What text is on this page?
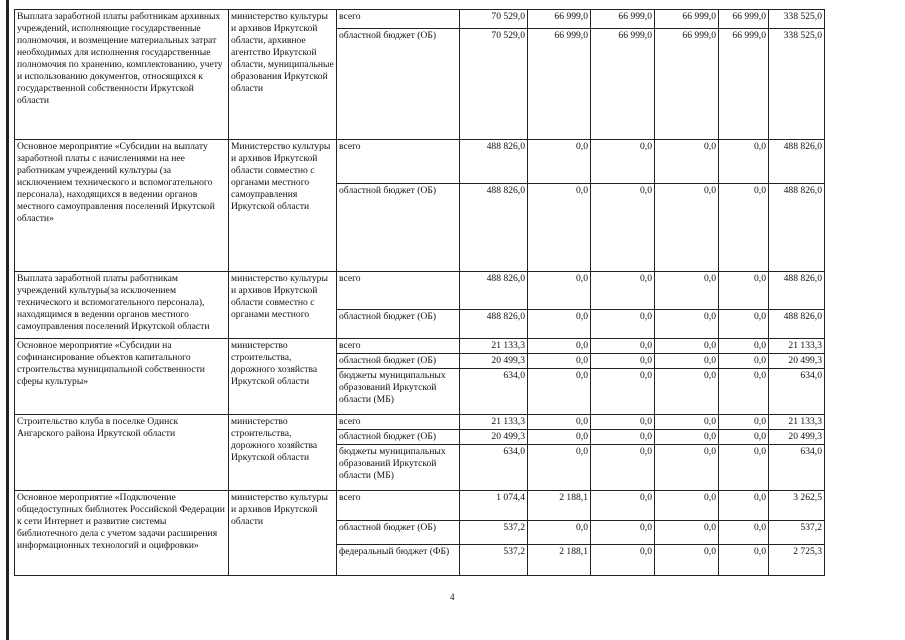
Выплата заработной платы работникам архивных учреждений, исполняющие государственные полномочия, и возмещение материальных затрат необходимых для исполнения государственные полномочия по хранению, комплектованию, учету и использованию документов, относящихся к государственной собственности Иркутской области	министерство культуры и архивов Иркутской области, архивное агентство Иркутской области, муниципальные образования Иркутской области	всего	70 529,0	66 999,0	66 999,0	66 999,0	66 999,0	338 525,0
		областной бюджет (ОБ)	70 529,0	66 999,0	66 999,0	66 999,0	66 999,0	338 525,0
Основное мероприятие «Субсидии на выплату заработной платы с начислениями на нее работникам учреждений культуры (за исключением технического и вспомогательного персонала), находящихся в ведении органов местного самоуправления поселений Иркутской области»	Министерство культуры и архивов Иркутской области совместно с органами местного самоуправления Иркутской области	всего	488 826,0	0,0	0,0	0,0	0,0	488 826,0
		областной бюджет (ОБ)	488 826,0	0,0	0,0	0,0	0,0	488 826,0
Выплата заработной платы работникам учреждений культуры(за исключением технического и вспомогательного персонала), находящимся в ведении органов местного самоуправления поселений Иркутской области	министерство культуры и архивов Иркутской области совместно с органами местного	всего	488 826,0	0,0	0,0	0,0	0,0	488 826,0
		областной бюджет (ОБ)	488 826,0	0,0	0,0	0,0	0,0	488 826,0
Основное мероприятие «Субсидии на софинансирование объектов капитального строительства муниципальной собственности сферы культуры»	министерство строительства, дорожного хозяйства Иркутской области	всего	21 133,3	0,0	0,0	0,0	0,0	21 133,3
		областной бюджет (ОБ)	20 499,3	0,0	0,0	0,0	0,0	20 499,3
		бюджеты муниципальных образований Иркутской области (МБ)	634,0	0,0	0,0	0,0	0,0	634,0
Строительство клуба в поселке Одинск Ангарского района Иркутской области	министерство строительства, дорожного хозяйства Иркутской области	всего	21 133,3	0,0	0,0	0,0	0,0	21 133,3
		областной бюджет (ОБ)	20 499,3	0,0	0,0	0,0	0,0	20 499,3
		бюджеты муниципальных образований Иркутской области (МБ)	634,0	0,0	0,0	0,0	0,0	634,0
Основное мероприятие «Подключение общедоступных библиотек Российской Федерации к сети Интернет и развитие системы библиотечного дела с учетом задачи расширения информационных технологий и оцифровки»	министерство культуры и архивов Иркутской области	всего	1 074,4	2 188,1	0,0	0,0	0,0	3 262,5
		областной бюджет (ОБ)	537,2	0,0	0,0	0,0	0,0	537,2
		федеральный бюджет (ФБ)	537,2	2 188,1	0,0	0,0	0,0	2 725,3
4
